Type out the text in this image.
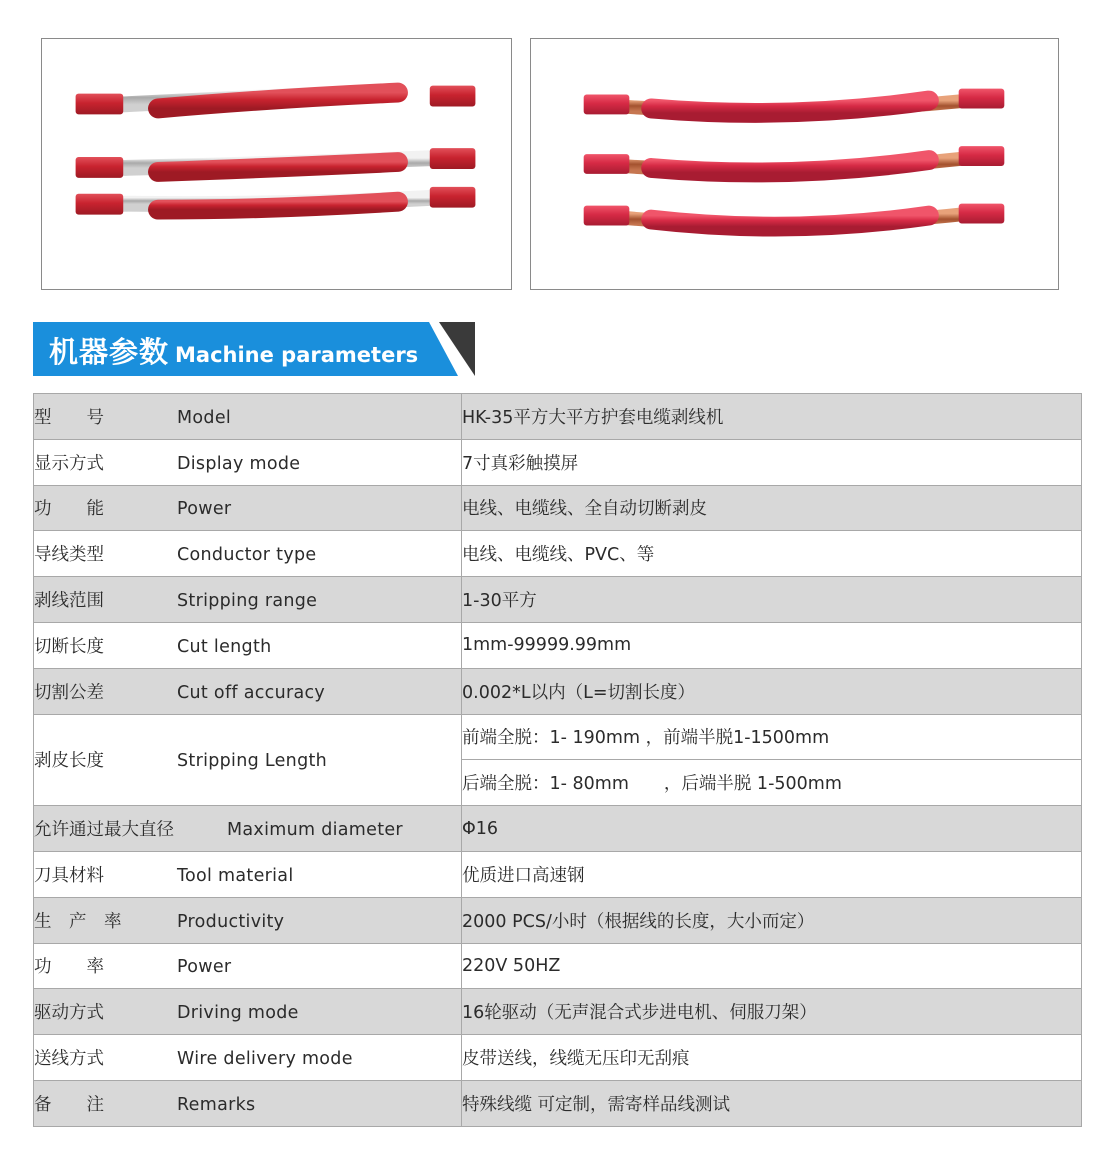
机器参数 Machine parameters
型　　号 Model	HK-35平方大平方护套电缆剥线机
显示方式 Display mode	7寸真彩触摸屏
功　　能 Power	电线、电缆线、全自动切断剥皮
导线类型 Conductor type	电线、电缆线、PVC、等
剥线范围 Stripping range	1-30平方
切断长度 Cut length	1mm-99999.99mm
切割公差 Cut off accuracy	0.002*L以内（L=切割长度）
剥皮长度 Stripping Length	前端全脱：1- 190mm ，前端半脱1-1500mm
	后端全脱：1- 80mm　　，后端半脱 1-500mm
允许通过最大直径 Maximum diameter	Φ16
刀具材料 Tool material	优质进口高速钢
生　产　率 Productivity	2000 PCS/小时（根据线的长度，大小而定）
功　　率 Power	220V 50HZ
驱动方式 Driving mode	16轮驱动（无声混合式步进电机、伺服刀架）
送线方式 Wire delivery mode	皮带送线，线缆无压印无刮痕
备　　注 Remarks	特殊线缆 可定制，需寄样品线测试
